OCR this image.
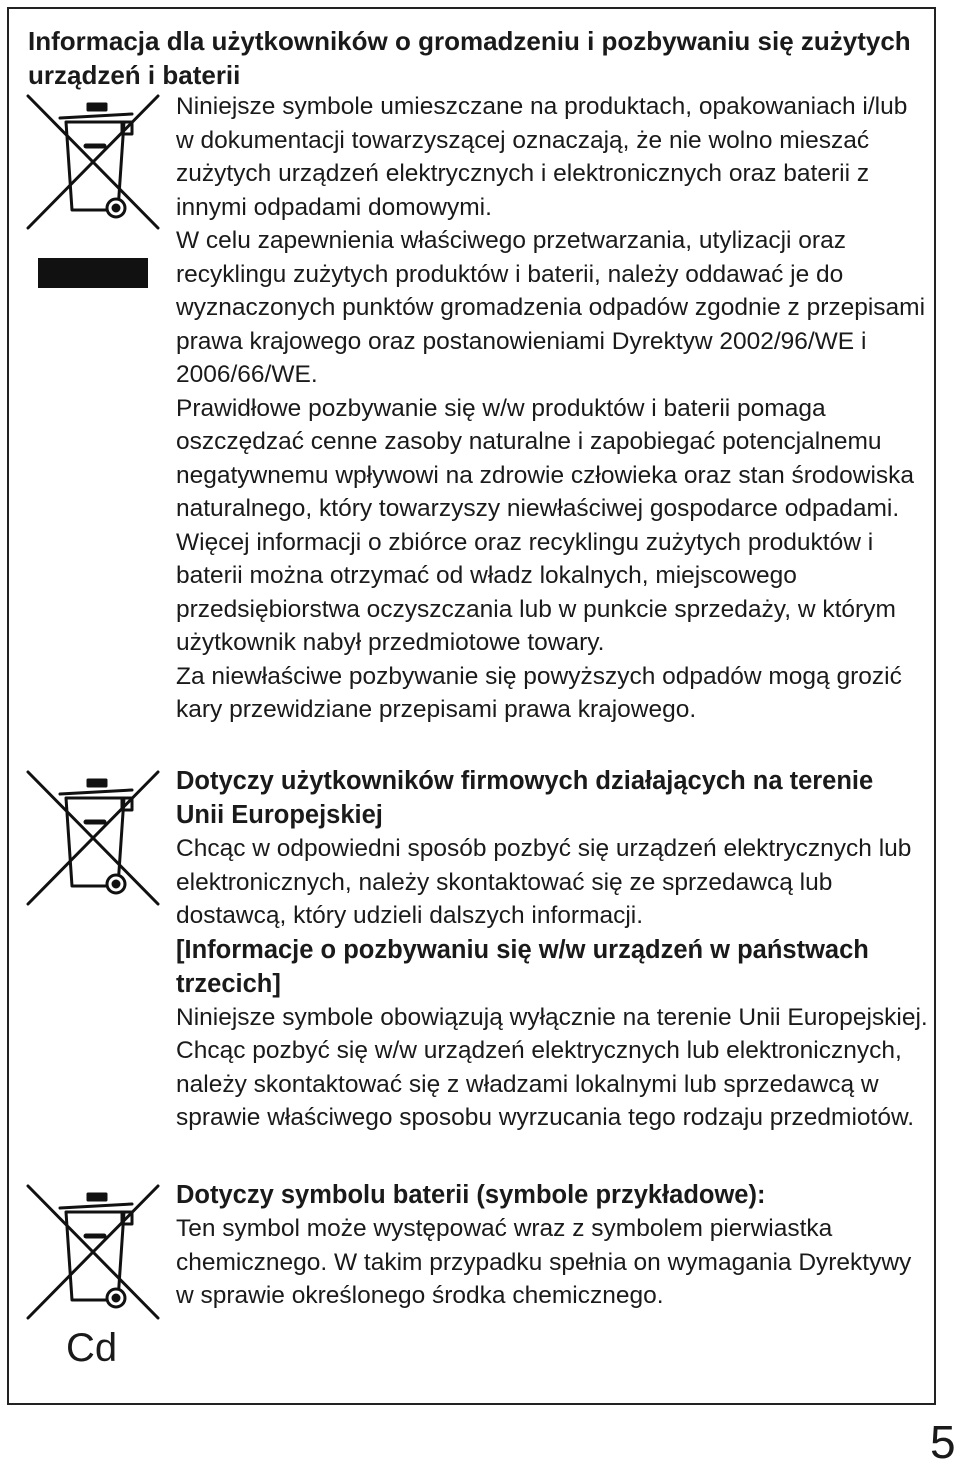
Informacja dla użytkowników o gromadzeniu i pozbywaniu się zużytych urządzeń i baterii
Cd

Niniejsze symbole umieszczane na produktach, opakowaniach i/lub w dokumentacji towarzyszącej oznaczają, że nie wolno mieszać zużytych urządzeń elektrycznych i elektronicznych oraz baterii z innymi odpadami domowymi.

W celu zapewnienia właściwego przetwarzania, utylizacji oraz recyklingu zużytych produktów i baterii, należy oddawać je do wyznaczonych punktów gromadzenia odpadów zgodnie z przepisami prawa krajowego oraz postanowieniami Dyrektyw 2002/96/WE i 2006/66/WE.

Prawidłowe pozbywanie się w/w produktów i baterii pomaga oszczędzać cenne zasoby naturalne i zapobiegać potencjalnemu negatywnemu wpływowi na zdrowie człowieka oraz stan środowiska naturalnego, który towarzyszy niewłaściwej gospodarce odpadami.

Więcej informacji o zbiórce oraz recyklingu zużytych produktów i baterii można otrzymać od władz lokalnych, miejscowego przedsiębiorstwa oczyszczania lub w punkcie sprzedaży, w którym użytkownik nabył przedmiotowe towary.

Za niewłaściwe pozbywanie się powyższych odpadów mogą grozić kary przewidziane przepisami prawa krajowego.

Dotyczy użytkowników firmowych działających na terenie Unii Europejskiej

Chcąc w odpowiedni sposób pozbyć się urządzeń elektrycznych lub elektronicznych, należy skontaktować się ze sprzedawcą lub dostawcą, który udzieli dalszych informacji.

[Informacje o pozbywaniu się w/w urządzeń w państwach trzecich]

Niniejsze symbole obowiązują wyłącznie na terenie Unii Europejskiej. Chcąc pozbyć się w/w urządzeń elektrycznych lub elektronicznych, należy skontaktować się z władzami lokalnymi lub sprzedawcą w sprawie właściwego sposobu wyrzucania tego rodzaju przedmiotów.

Dotyczy symbolu baterii (symbole przykładowe):

Ten symbol może występować wraz z symbolem pierwiastka chemicznego. W takim przypadku spełnia on wymagania Dyrektywy w sprawie określonego środka chemicznego.

5
